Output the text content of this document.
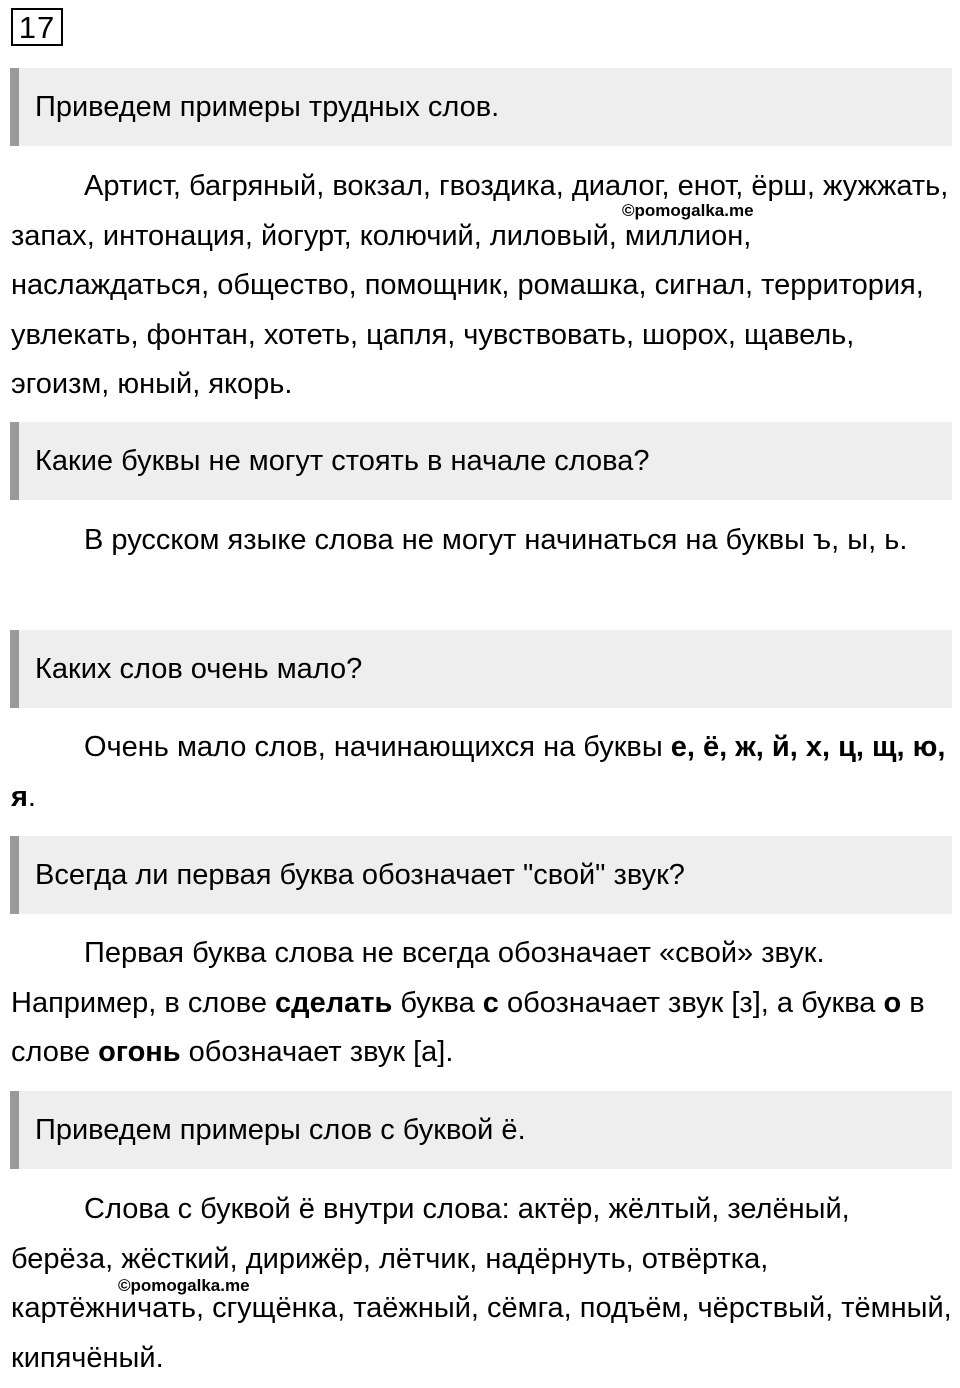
17
Приведем примеры трудных слов.

Артист, багряный, вокзал, гвоздика, диалог, енот, ёрш, жужжать, запах, интонация, йогурт, колючий, лиловый, миллион, наслаждаться, общество, помощник, ромашка, сигнал, территория, увлекать, фонтан, хотеть, цапля, чувствовать, шорох, щавель, эгоизм, юный, якорь.

©pomogalka.me
Какие буквы не могут стоять в начале слова?

В русском языке слова не могут начинаться на буквы ъ, ы, ь.

Каких слов очень мало?

Очень мало слов, начинающихся на буквы е, ё, ж, й, х, ц, щ, ю, я.

Всегда ли первая буква обозначает "свой" звук?

Первая буква слова не всегда обозначает «свой» звук. Например, в слове сделать буква с обозначает звук [з], а буква о в слове огонь обозначает звук [а].

Приведем примеры слов с буквой ё.

Слова с буквой ё внутри слова: актёр, жёлтый, зелёный, берёза, жёсткий, дирижёр, лётчик, надёрнуть, отвёртка, картёжничать, сгущёнка, таёжный, сёмга, подъём, чёрствый, тёмный, кипячёный.

©pomogalka.me
